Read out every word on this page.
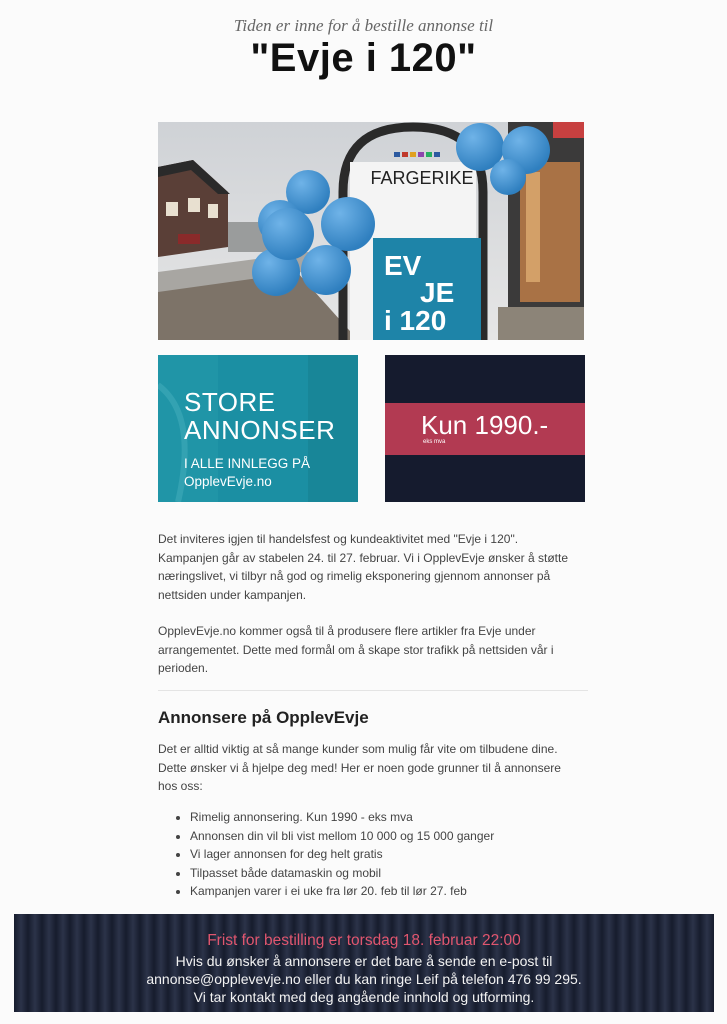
Tiden er inne for å bestille annonse til
"Evje i 120"
FARGERIKE
EV
JE
i 120
STORE
ANNONSER
I ALLE INNLEGG PÅ
OpplevEvje.no
Kun 1990.-
eks mva
Det inviteres igjen til handelsfest og kundeaktivitet med "Evje i 120".
Kampanjen går av stabelen 24. til 27. februar. Vi i OpplevEvje ønsker å støtte
næringslivet, vi tilbyr nå god og rimelig eksponering gjennom annonser på
nettsiden under kampanjen.
OpplevEvje.no kommer også til å produsere flere artikler fra Evje under
arrangementet. Dette med formål om å skape stor trafikk på nettsiden vår i
perioden.
Annonsere på OpplevEvje
Det er alltid viktig at så mange kunder som mulig får vite om tilbudene dine.
Dette ønsker vi å hjelpe deg med! Her er noen gode grunner til å annonsere
hos oss:
• Rimelig annonsering. Kun 1990 - eks mva
• Annonsen din vil bli vist mellom 10 000 og 15 000 ganger
• Vi lager annonsen for deg helt gratis
• Tilpasset både datamaskin og mobil
• Kampanjen varer i ei uke fra lør 20. feb til lør 27. feb
Frist for bestilling er torsdag 18. februar 22:00
Hvis du ønsker å annonsere er det bare å sende en e-post til
annonse@opplevevje.no eller du kan ringe Leif på telefon 476 99 295.
Vi tar kontakt med deg angående innhold og utforming.
